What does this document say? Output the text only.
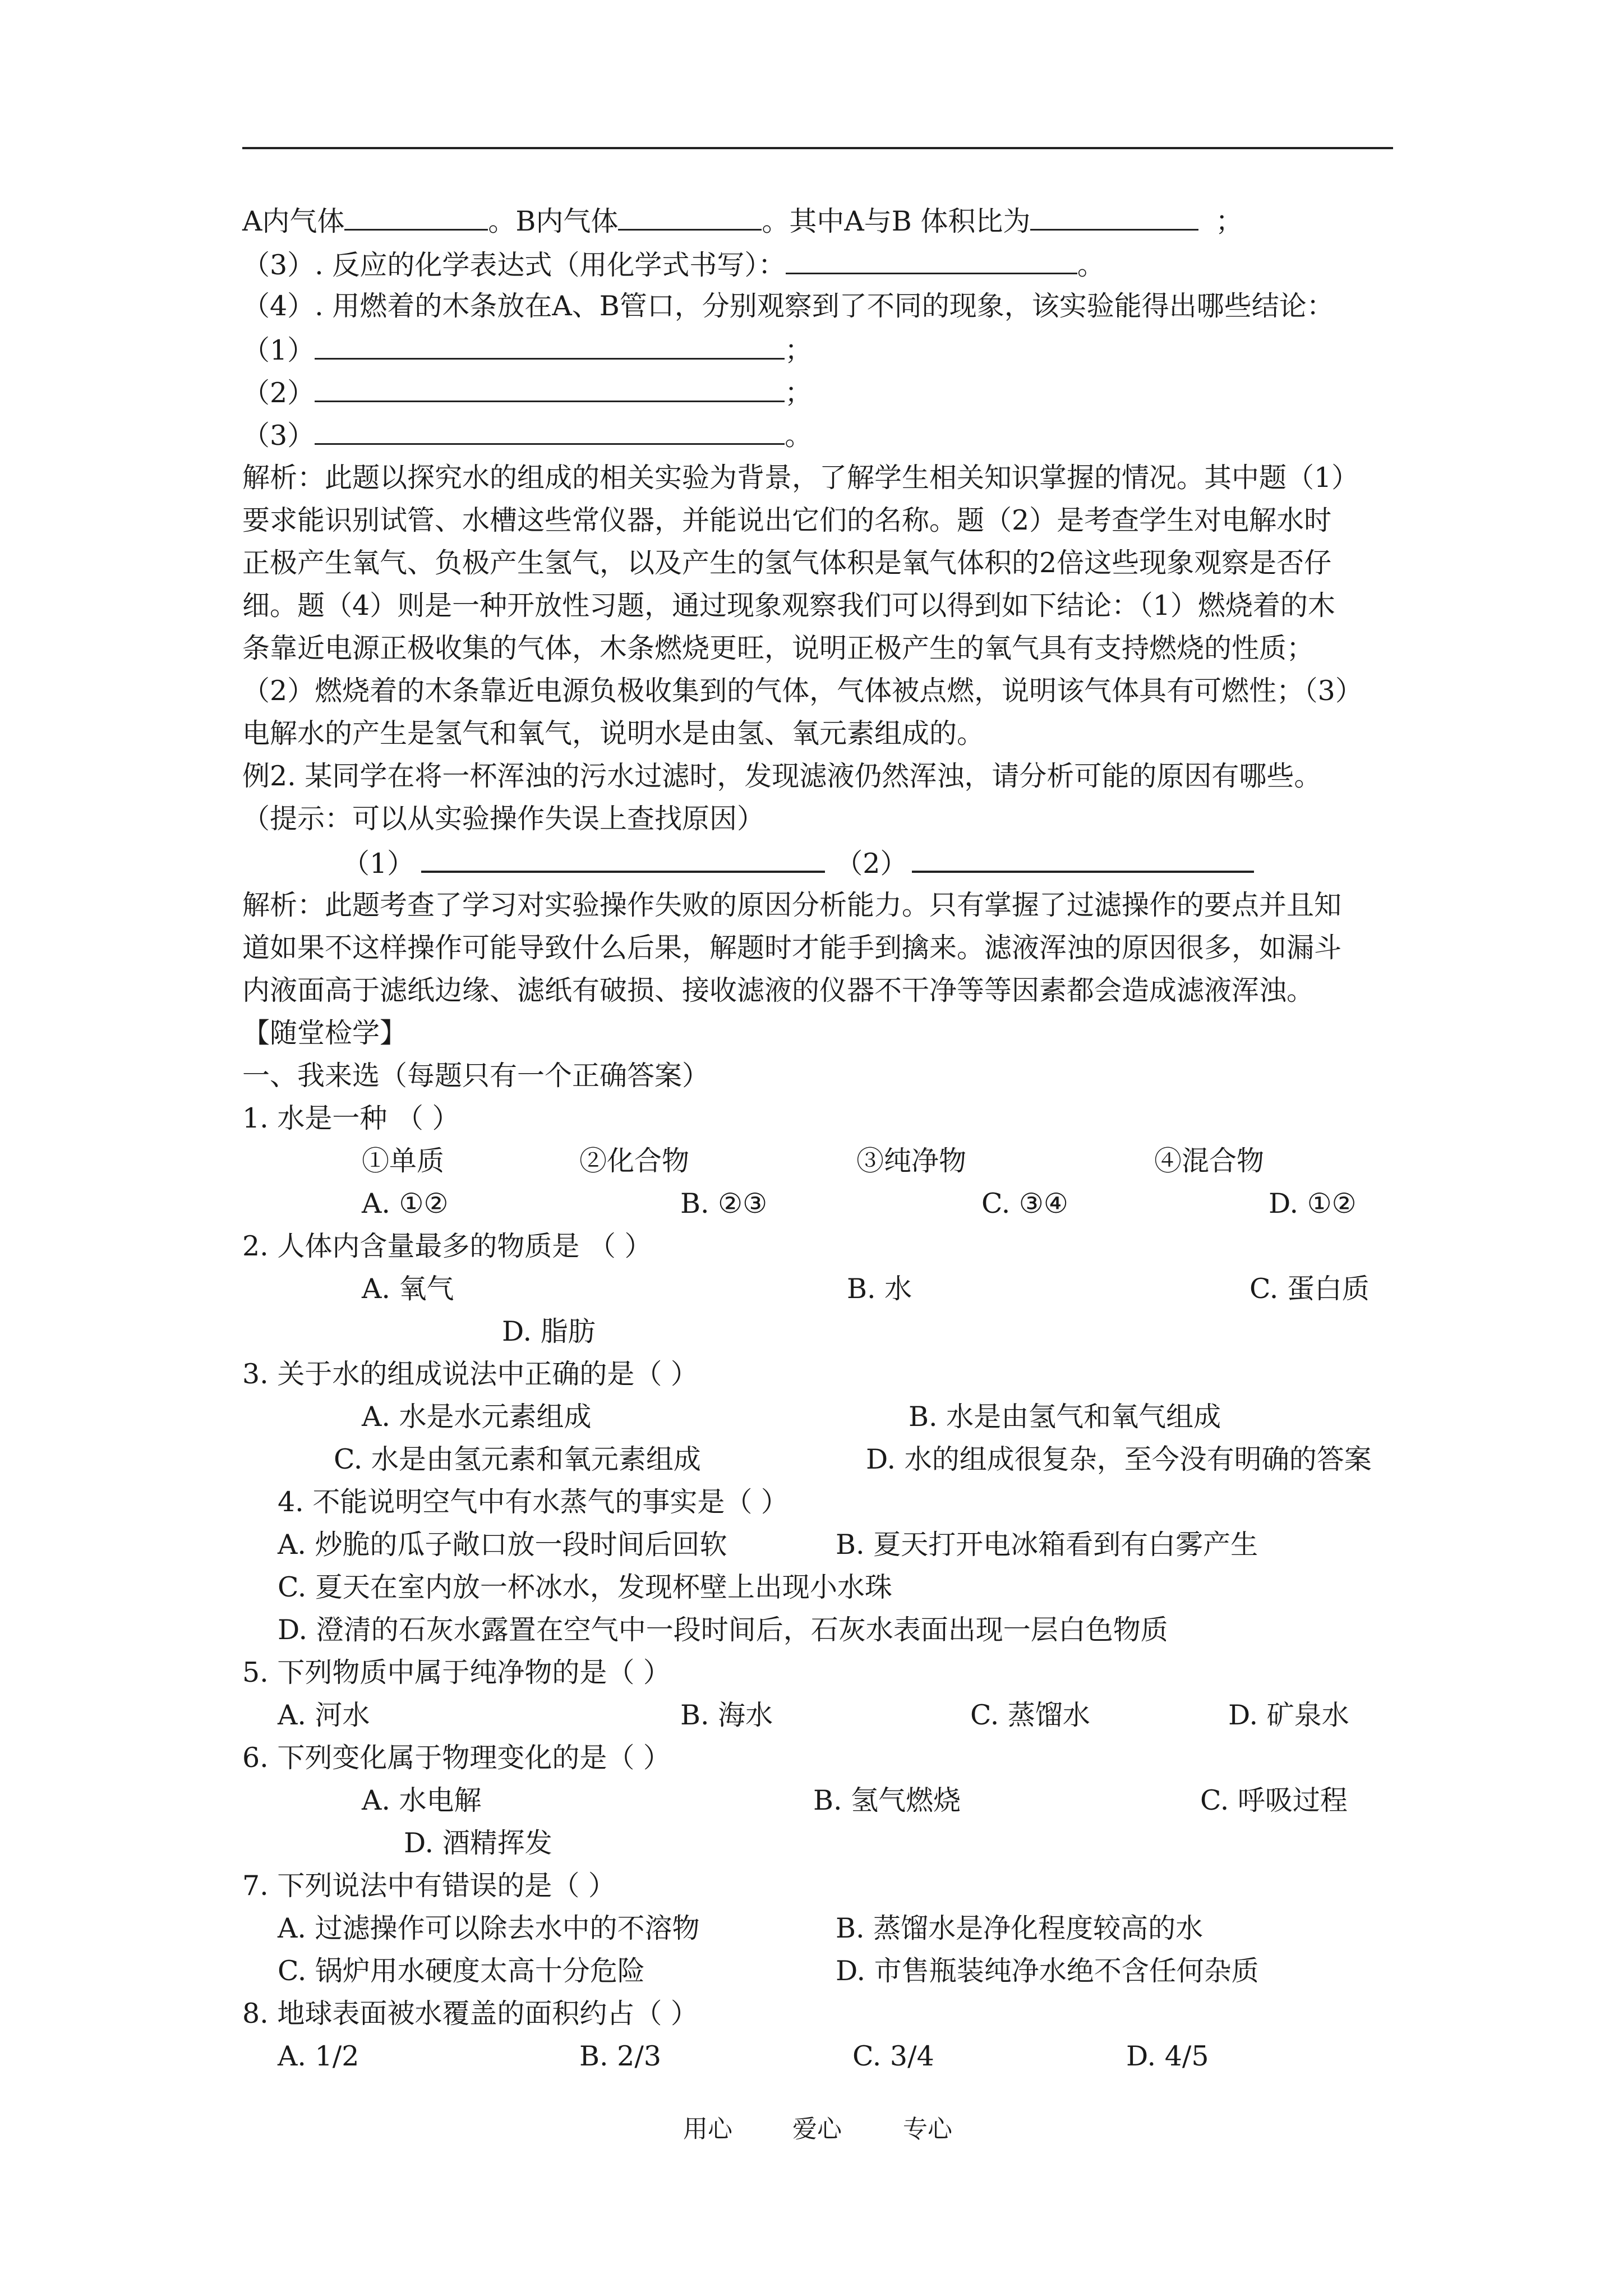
A内气体	。B内气体	。其中A与B 体积比为	；
（3）. 反应的化学表达式（用化学式书写）：	。
（4）. 用燃着的木条放在A、B管口，分别观察到了不同的现象，该实验能得出哪些结论：
（1）	；
（2）	；
（3）	。
解析：此题以探究水的组成的相关实验为背景，了解学生相关知识掌握的情况。其中题（1）
要求能识别试管、水槽这些常仪器，并能说出它们的名称。题（2）是考查学生对电解水时
正极产生氧气、负极产生氢气，以及产生的氢气体积是氧气体积的2倍这些现象观察是否仔
细。题（4）则是一种开放性习题，通过现象观察我们可以得到如下结论：（1）燃烧着的木
条靠近电源正极收集的气体，木条燃烧更旺，说明正极产生的氧气具有支持燃烧的性质；
（2）燃烧着的木条靠近电源负极收集到的气体，气体被点燃，说明该气体具有可燃性；（3）
电解水的产生是氢气和氧气，说明水是由氢、氧元素组成的。
例2. 某同学在将一杯浑浊的污水过滤时，发现滤液仍然浑浊，请分析可能的原因有哪些。
（提示：可以从实验操作失误上查找原因）
（1）	（2）
解析：此题考查了学习对实验操作失败的原因分析能力。只有掌握了过滤操作的要点并且知
道如果不这样操作可能导致什么后果，解题时才能手到擒来。滤液浑浊的原因很多，如漏斗
内液面高于滤纸边缘、滤纸有破损、接收滤液的仪器不干净等等因素都会造成滤液浑浊。
【随堂检学】
一、我来选（每题只有一个正确答案）
1. 水是一种 （ ）
①单质	②化合物	③纯净物	④混合物
A. ①②	B. ②③	C. ③④	D. ①②
2. 人体内含量最多的物质是 （ ）
A. 氧气	B. 水	C. 蛋白质
D. 脂肪
3. 关于水的组成说法中正确的是（ ）
A. 水是水元素组成	B. 水是由氢气和氧气组成
C. 水是由氢元素和氧元素组成	D. 水的组成很复杂，至今没有明确的答案
4. 不能说明空气中有水蒸气的事实是（ ）
A. 炒脆的瓜子敞口放一段时间后回软	B. 夏天打开电冰箱看到有白雾产生
C. 夏天在室内放一杯冰水，发现杯壁上出现小水珠
D. 澄清的石灰水露置在空气中一段时间后，石灰水表面出现一层白色物质
5. 下列物质中属于纯净物的是（ ）
A. 河水	B. 海水	C. 蒸馏水	D. 矿泉水
6. 下列变化属于物理变化的是（ ）
A. 水电解	B. 氢气燃烧	C. 呼吸过程
D. 酒精挥发
7. 下列说法中有错误的是（ ）
A. 过滤操作可以除去水中的不溶物	B. 蒸馏水是净化程度较高的水
C. 锅炉用水硬度太高十分危险	D. 市售瓶装纯净水绝不含任何杂质
8. 地球表面被水覆盖的面积约占（ ）
A. 1/2	B. 2/3	C. 3/4	D. 4/5
用心 爱心 专心
